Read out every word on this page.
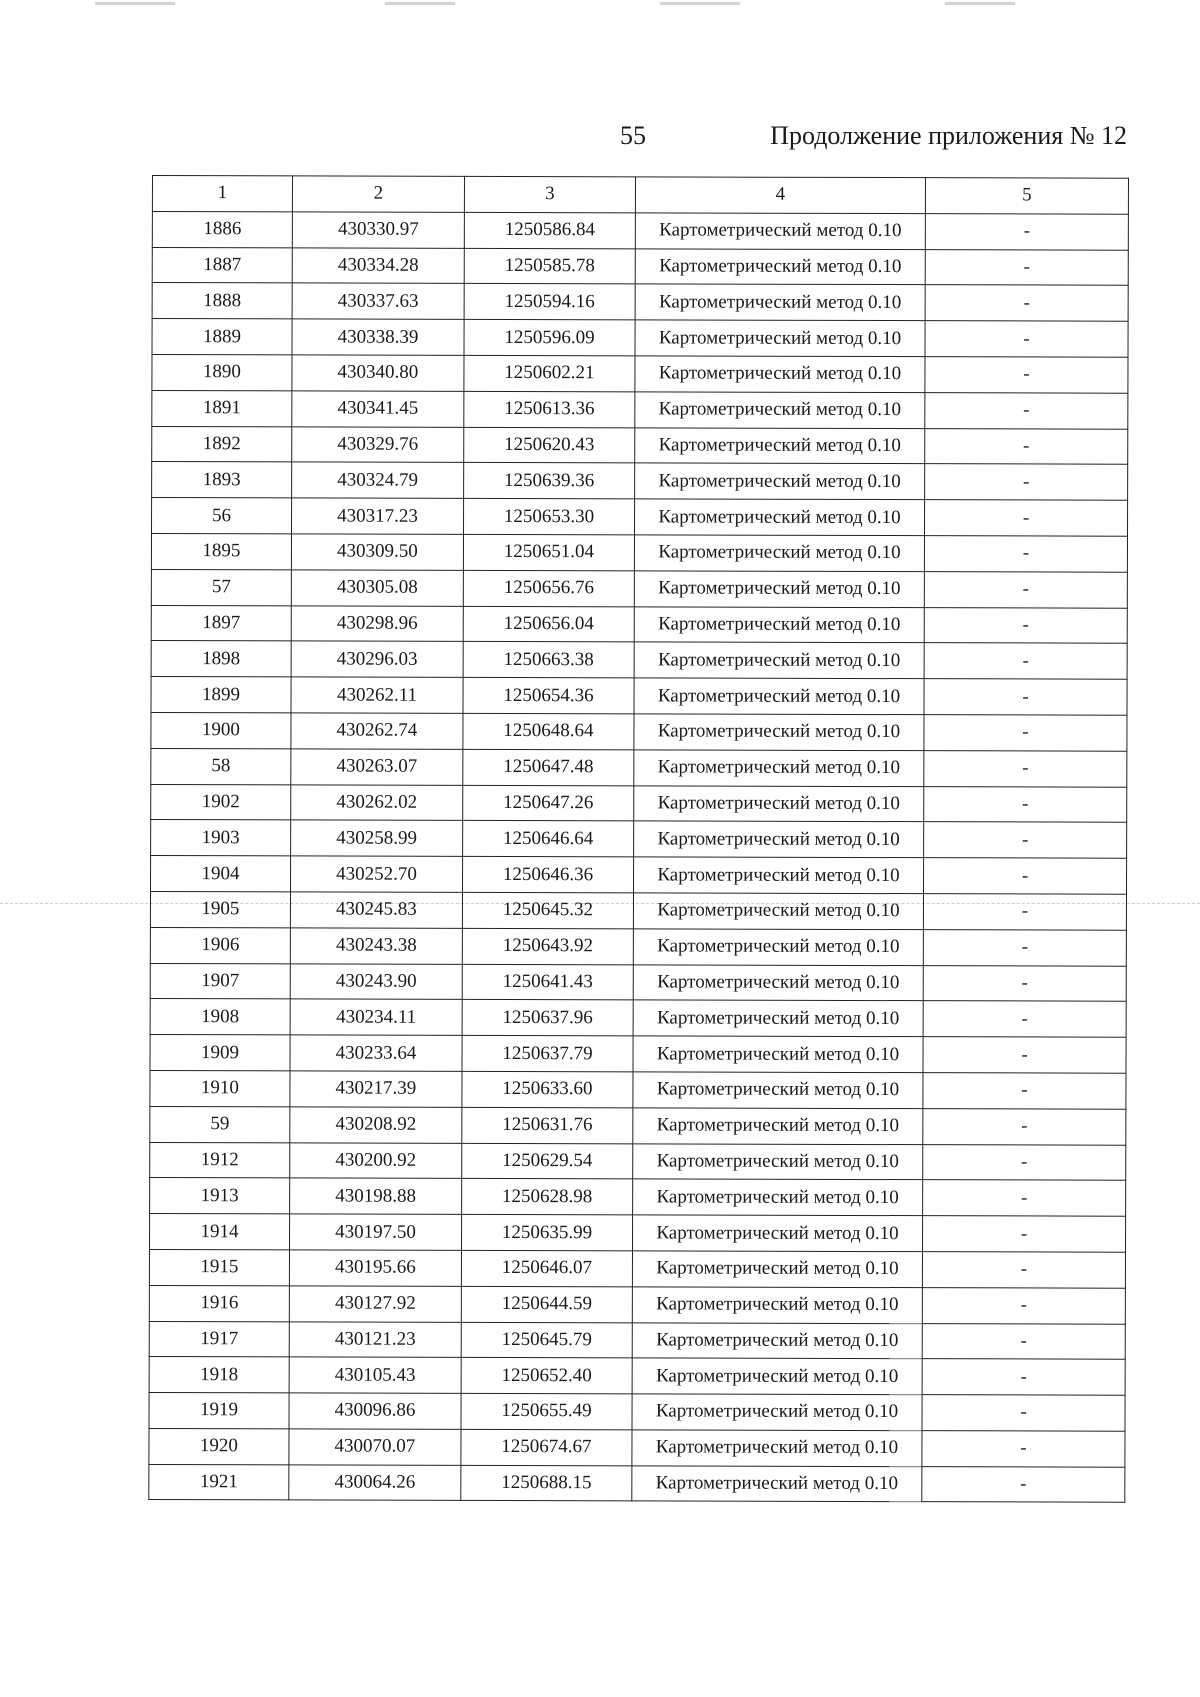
55	Продолжение приложения № 12
1	2	3	4	5
1886	430330.97	1250586.84	Картометрический метод 0.10	-
1887	430334.28	1250585.78	Картометрический метод 0.10	-
1888	430337.63	1250594.16	Картометрический метод 0.10	-
1889	430338.39	1250596.09	Картометрический метод 0.10	-
1890	430340.80	1250602.21	Картометрический метод 0.10	-
1891	430341.45	1250613.36	Картометрический метод 0.10	-
1892	430329.76	1250620.43	Картометрический метод 0.10	-
1893	430324.79	1250639.36	Картометрический метод 0.10	-
56	430317.23	1250653.30	Картометрический метод 0.10	-
1895	430309.50	1250651.04	Картометрический метод 0.10	-
57	430305.08	1250656.76	Картометрический метод 0.10	-
1897	430298.96	1250656.04	Картометрический метод 0.10	-
1898	430296.03	1250663.38	Картометрический метод 0.10	-
1899	430262.11	1250654.36	Картометрический метод 0.10	-
1900	430262.74	1250648.64	Картометрический метод 0.10	-
58	430263.07	1250647.48	Картометрический метод 0.10	-
1902	430262.02	1250647.26	Картометрический метод 0.10	-
1903	430258.99	1250646.64	Картометрический метод 0.10	-
1904	430252.70	1250646.36	Картометрический метод 0.10	-
1905	430245.83	1250645.32	Картометрический метод 0.10	-
1906	430243.38	1250643.92	Картометрический метод 0.10	-
1907	430243.90	1250641.43	Картометрический метод 0.10	-
1908	430234.11	1250637.96	Картометрический метод 0.10	-
1909	430233.64	1250637.79	Картометрический метод 0.10	-
1910	430217.39	1250633.60	Картометрический метод 0.10	-
59	430208.92	1250631.76	Картометрический метод 0.10	-
1912	430200.92	1250629.54	Картометрический метод 0.10	-
1913	430198.88	1250628.98	Картометрический метод 0.10	-
1914	430197.50	1250635.99	Картометрический метод 0.10	-
1915	430195.66	1250646.07	Картометрический метод 0.10	-
1916	430127.92	1250644.59	Картометрический метод 0.10	-
1917	430121.23	1250645.79	Картометрический метод 0.10	-
1918	430105.43	1250652.40	Картометрический метод 0.10	-
1919	430096.86	1250655.49	Картометрический метод 0.10	-
1920	430070.07	1250674.67	Картометрический метод 0.10	-
1921	430064.26	1250688.15	Картометрический метод 0.10	-
